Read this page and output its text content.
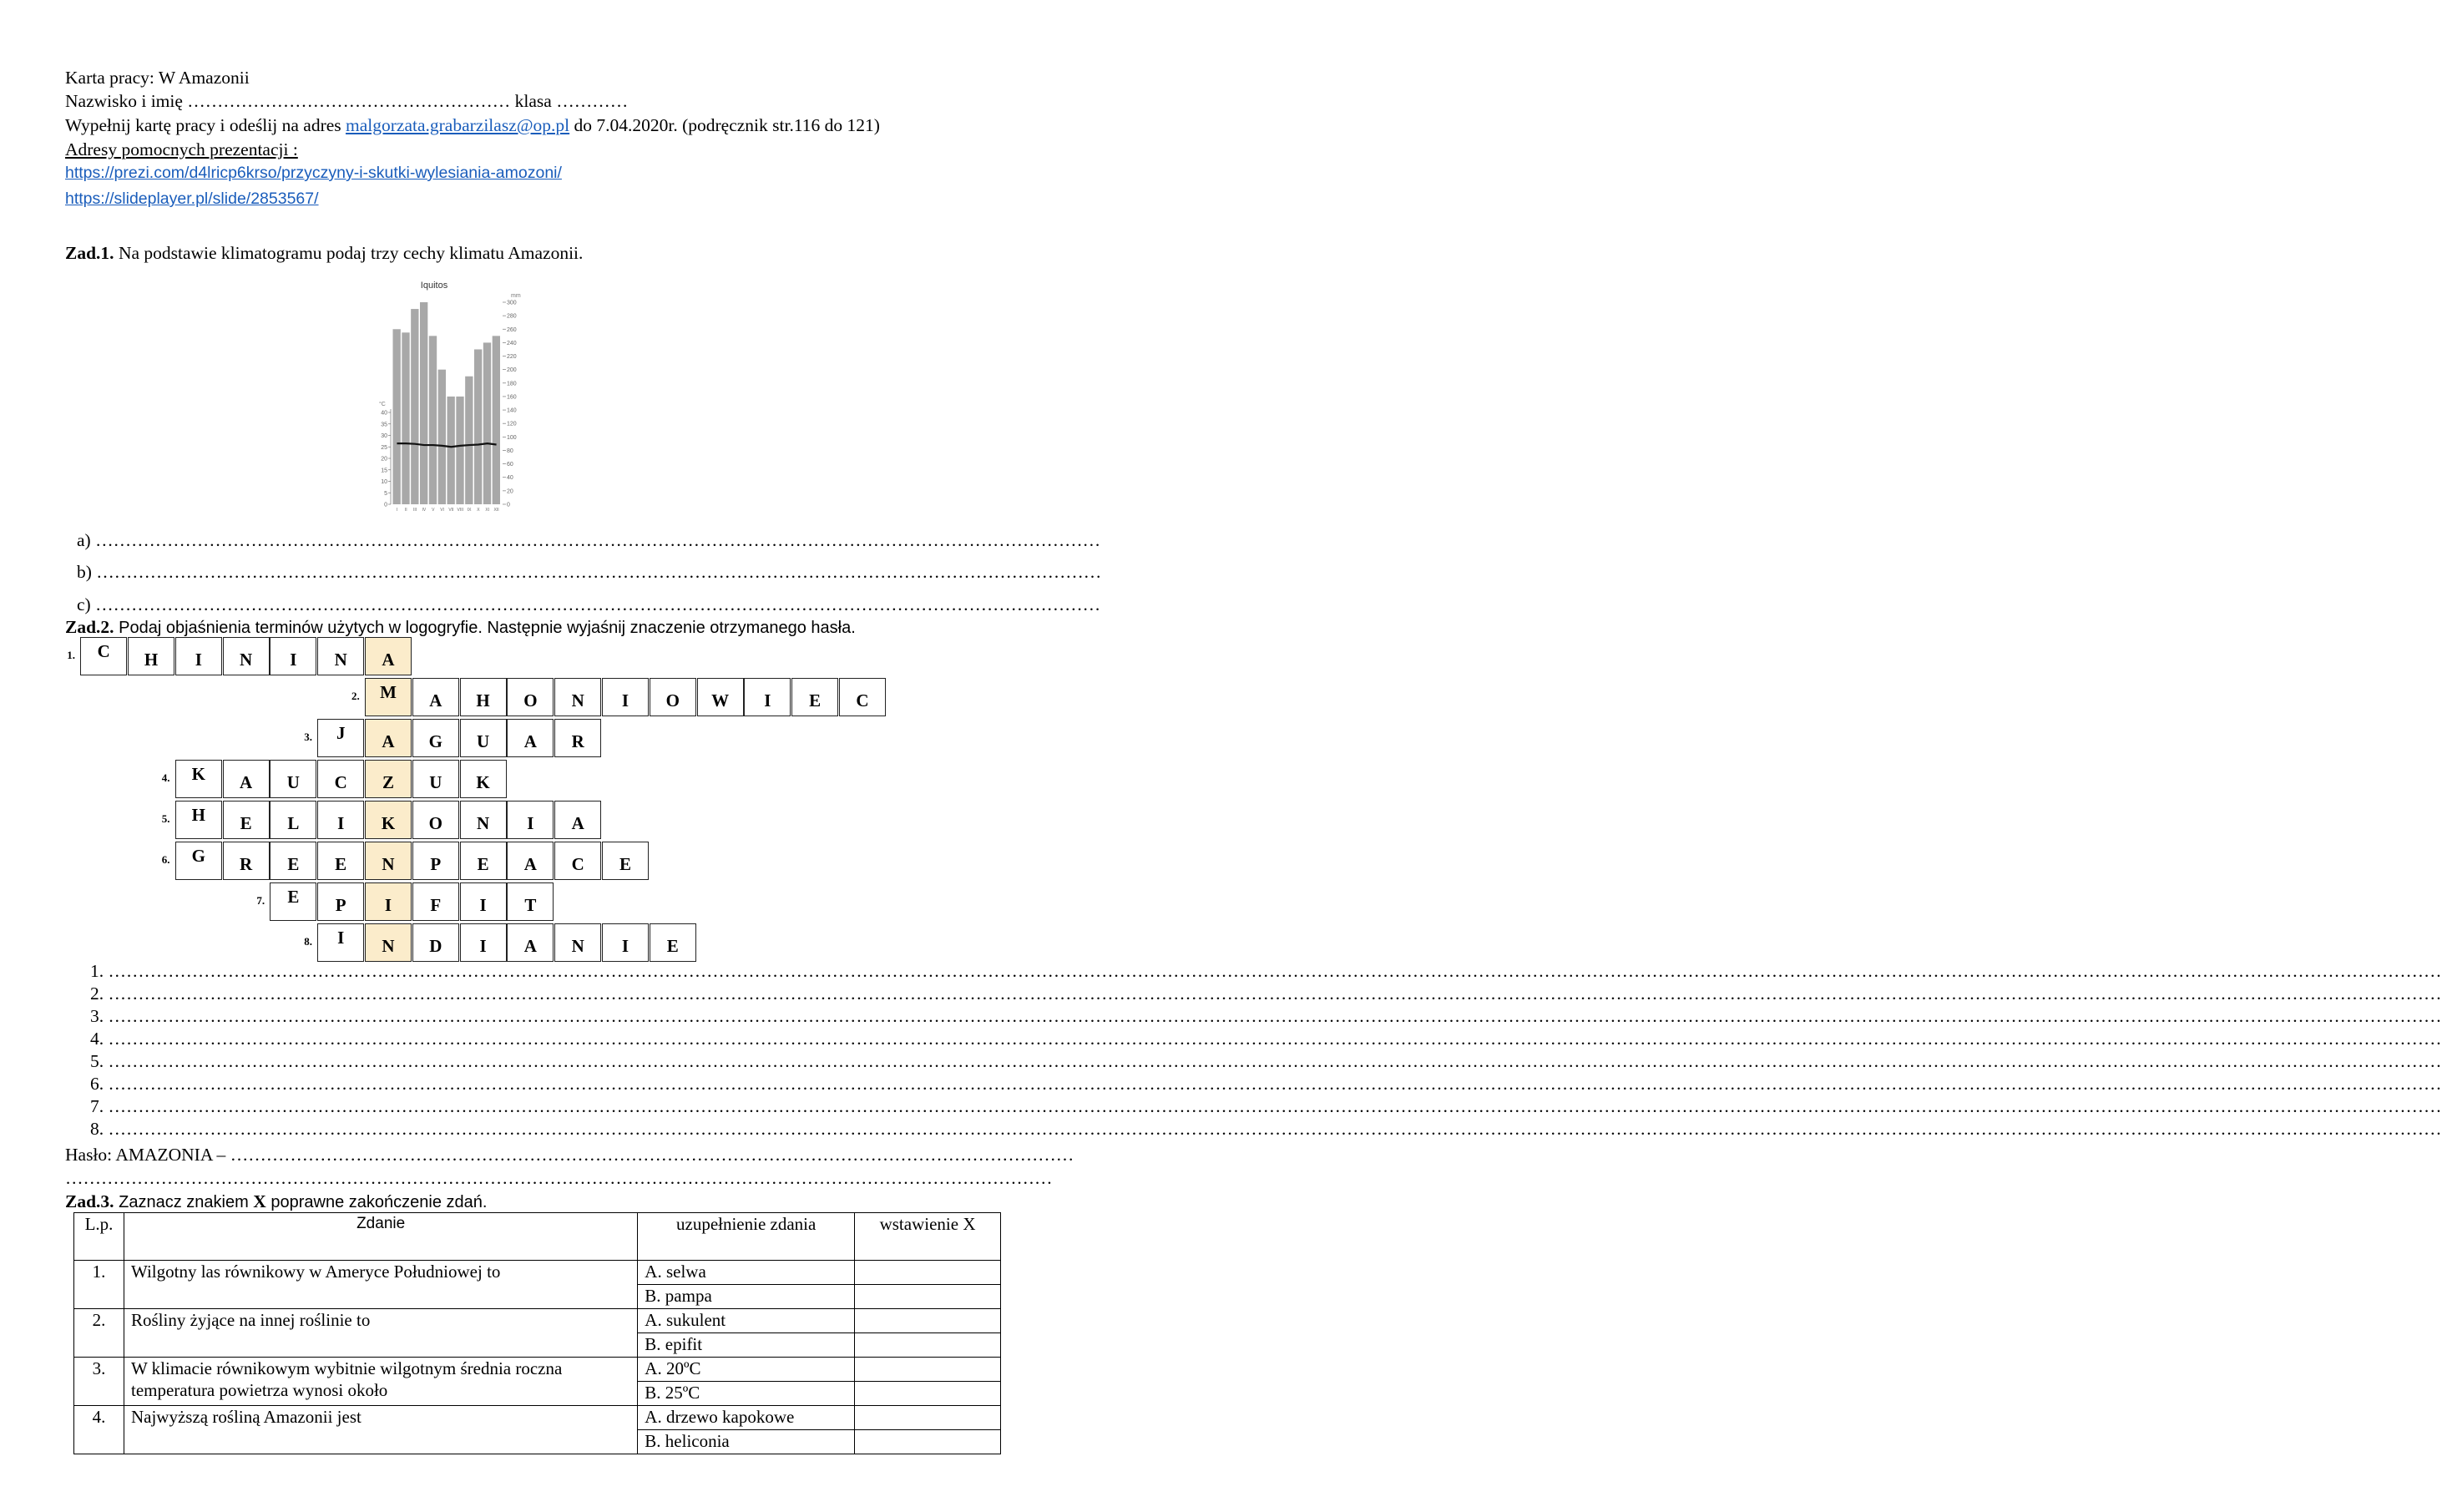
Karta pracy: W Amazonii
Nazwisko i imię ……………………………………………… klasa …………
Wypełnij kartę pracy i odeślij na adres malgorzata.grabarzilasz@op.pl do 7.04.2020r. (podręcznik str.116 do 121)
Adresy pomocnych prezentacji :
https://prezi.com/d4lricp6krso/przyczyny-i-skutki-wylesiania-amozoni/
https://slideplayer.pl/slide/2853567/
Zad.1. Na podstawie klimatogramu podaj trzy cechy klimatu Amazonii.
Iquitos
mm
0
20
40
60
80
100
120
140
160
180
200
220
240
260
280
300
°C
0
5
10
15
20
25
30
35
40
I II III IV V VI VII VIII IX X XI XII
a) ……………………………………………………………………………………………………………………………………………………
b) ……………………………………………………………………………………………………………………………………………………
c) ……………………………………………………………………………………………………………………………………………………
Zad.2. Podaj objaśnienia terminów użytych w logogryfie. Następnie wyjaśnij znaczenie otrzymanego hasła.
C	H	I	N	I	N	A
1.
M	A	H	O	N	I	O	W	I	E	C
2.
J	A	G	U	A	R
3.
K	A	U	C	Z	U	K
4.
H	E	L	I	K	O	N	I	A
5.
G	R	E	E	N	P	E	A	C	E
6.
E	P	I	F	I	T
7.
I	N	D	I	A	N	I	E
8.
1. …………………………………………………………………………………………………………………………………………………………………………………………………………………………………………………………………………………………………………………………………………………………
2. …………………………………………………………………………………………………………………………………………………………………………………………………………………………………………………………………………………………………………………………………………………………
3. …………………………………………………………………………………………………………………………………………………………………………………………………………………………………………………………………………………………………………………………………………………………
4. …………………………………………………………………………………………………………………………………………………………………………………………………………………………………………………………………………………………………………………………………………………………
5. …………………………………………………………………………………………………………………………………………………………………………………………………………………………………………………………………………………………………………………………………………………………
6. …………………………………………………………………………………………………………………………………………………………………………………………………………………………………………………………………………………………………………………………………………………………
7. …………………………………………………………………………………………………………………………………………………………………………………………………………………………………………………………………………………………………………………………………………………………
8. …………………………………………………………………………………………………………………………………………………………………………………………………………………………………………………………………………………………………………………………………………………………
Hasło: AMAZONIA – ……………………………………………………………………………………………………………………………
…………………………………………………………………………………………………………………………………………………
Zad.3. Zaznacz znakiem X poprawne zakończenie zdań.
L.p.	Zdanie	uzupełnienie zdania	wstawienie X
1.	Wilgotny las równikowy w Ameryce Południowej to	A. selwa	
		B. pampa	
2.	Rośliny żyjące na innej roślinie to	A. sukulent	
		B. epifit	
3.	W klimacie równikowym wybitnie wilgotnym średnia roczna temperatura powietrza wynosi około	A. 20ºC	
		B. 25ºC	
4.	Najwyższą rośliną Amazonii jest	A. drzewo kapokowe	
		B. heliconia	
